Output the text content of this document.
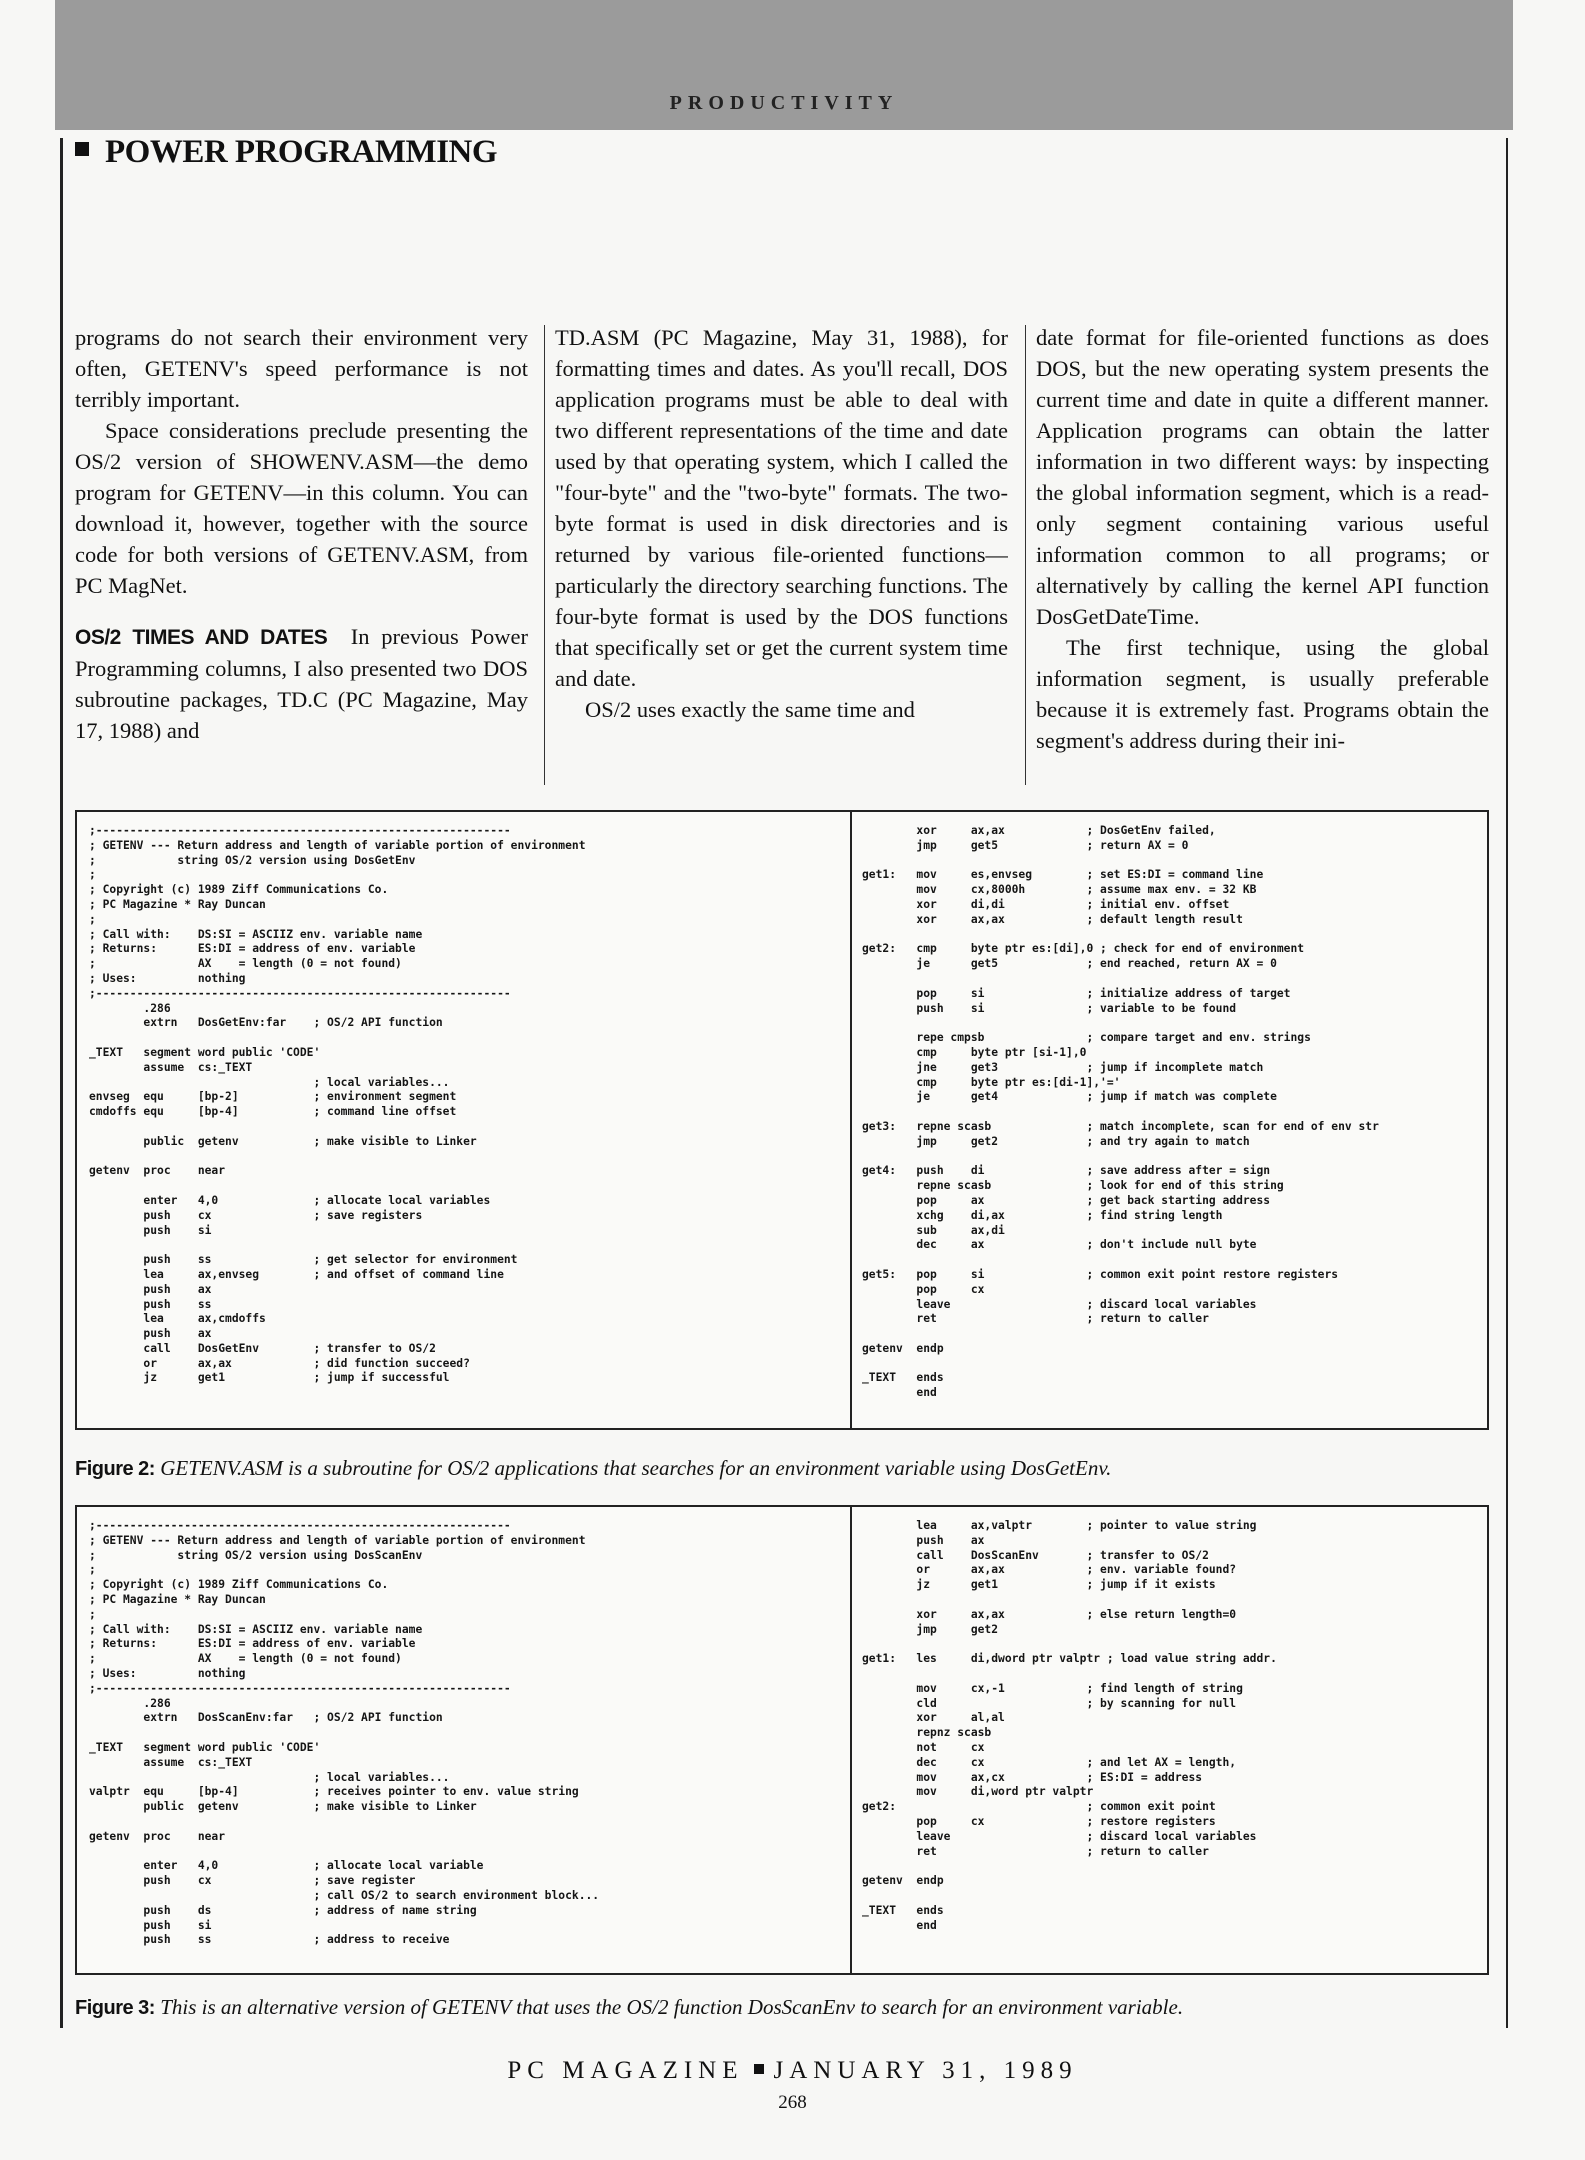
PRODUCTIVITY
POWER PROGRAMMING

programs do not search their environment very often, GETENV's speed performance is not terribly important.

Space considerations preclude presenting the OS/2 version of SHOWENV.ASM—the demo program for GETENV—in this column. You can download it, however, together with the source code for both versions of GETENV.ASM, from PC MagNet.

OS/2 TIMES AND DATES In previous Power Programming columns, I also presented two DOS subroutine packages, TD.C (PC Magazine, May 17, 1988) and

TD.ASM (PC Magazine, May 31, 1988), for formatting times and dates. As you'll recall, DOS application programs must be able to deal with two different representations of the time and date used by that operating system, which I called the "four-byte" and the "two-byte" formats. The two-byte format is used in disk directories and is returned by various file-oriented functions—particularly the directory searching functions. The four-byte format is used by the DOS functions that specifically set or get the current system time and date.

OS/2 uses exactly the same time and

date format for file-oriented functions as does DOS, but the new operating system presents the current time and date in quite a different manner. Application programs can obtain the latter information in two different ways: by inspecting the global information segment, which is a read-only segment containing various useful information common to all programs; or alternatively by calling the kernel API function DosGetDateTime.

The first technique, using the global information segment, is usually preferable because it is extremely fast. Programs obtain the segment's address during their ini-

;-------------------------------------------------------------
; GETENV --- Return address and length of variable portion of environment
;            string OS/2 version using DosGetEnv
;
; Copyright (c) 1989 Ziff Communications Co.
; PC Magazine * Ray Duncan
;
; Call with:    DS:SI = ASCIIZ env. variable name
; Returns:      ES:DI = address of env. variable
;               AX    = length (0 = not found)
; Uses:         nothing
;-------------------------------------------------------------
.286
extrn   DosGetEnv:far    ; OS/2 API function

_TEXT   segment word public 'CODE'
assume  cs:_TEXT
; local variables...
envseg  equ     [bp-2]           ; environment segment
cmdoffs equ     [bp-4]           ; command line offset

public  getenv           ; make visible to Linker

getenv  proc    near

enter   4,0              ; allocate local variables
push    cx               ; save registers
push    si

push    ss               ; get selector for environment
lea     ax,envseg        ; and offset of command line
push    ax
push    ss
lea     ax,cmdoffs
push    ax
call    DosGetEnv        ; transfer to OS/2
or      ax,ax            ; did function succeed?
jz      get1             ; jump if successful
xor     ax,ax            ; DosGetEnv failed,
jmp     get5             ; return AX = 0

get1:   mov     es,envseg        ; set ES:DI = command line
mov     cx,8000h         ; assume max env. = 32 KB
xor     di,di            ; initial env. offset
xor     ax,ax            ; default length result

get2:   cmp     byte ptr es:[di],0 ; check for end of environment
je      get5             ; end reached, return AX = 0

pop     si               ; initialize address of target
push    si               ; variable to be found

repe cmpsb               ; compare target and env. strings
cmp     byte ptr [si-1],0
jne     get3             ; jump if incomplete match
cmp     byte ptr es:[di-1],'='
je      get4             ; jump if match was complete

get3:   repne scasb              ; match incomplete, scan for end of env str
jmp     get2             ; and try again to match

get4:   push    di               ; save address after = sign
repne scasb              ; look for end of this string
pop     ax               ; get back starting address
xchg    di,ax            ; find string length
sub     ax,di
dec     ax               ; don't include null byte

get5:   pop     si               ; common exit point restore registers
pop     cx
leave                    ; discard local variables
ret                      ; return to caller

getenv  endp

_TEXT   ends
end
Figure 2: GETENV.ASM is a subroutine for OS/2 applications that searches for an environment variable using DosGetEnv.
;-------------------------------------------------------------
; GETENV --- Return address and length of variable portion of environment
;            string OS/2 version using DosScanEnv
;
; Copyright (c) 1989 Ziff Communications Co.
; PC Magazine * Ray Duncan
;
; Call with:    DS:SI = ASCIIZ env. variable name
; Returns:      ES:DI = address of env. variable
;               AX    = length (0 = not found)
; Uses:         nothing
;-------------------------------------------------------------
.286
extrn   DosScanEnv:far   ; OS/2 API function

_TEXT   segment word public 'CODE'
assume  cs:_TEXT
; local variables...
valptr  equ     [bp-4]           ; receives pointer to env. value string
public  getenv           ; make visible to Linker

getenv  proc    near

enter   4,0              ; allocate local variable
push    cx               ; save register
; call OS/2 to search environment block...
push    ds               ; address of name string
push    si
push    ss               ; address to receive
lea     ax,valptr        ; pointer to value string
push    ax
call    DosScanEnv       ; transfer to OS/2
or      ax,ax            ; env. variable found?
jz      get1             ; jump if it exists

xor     ax,ax            ; else return length=0
jmp     get2

get1:   les     di,dword ptr valptr ; load value string addr.

mov     cx,-1            ; find length of string
cld                      ; by scanning for null
xor     al,al
repnz scasb
not     cx
dec     cx               ; and let AX = length,
mov     ax,cx            ; ES:DI = address
mov     di,word ptr valptr
get2:                            ; common exit point
pop     cx               ; restore registers
leave                    ; discard local variables
ret                      ; return to caller

getenv  endp

_TEXT   ends
end
Figure 3: This is an alternative version of GETENV that uses the OS/2 function DosScanEnv to search for an environment variable.
PC MAGAZINE JANUARY 31, 1989
268
